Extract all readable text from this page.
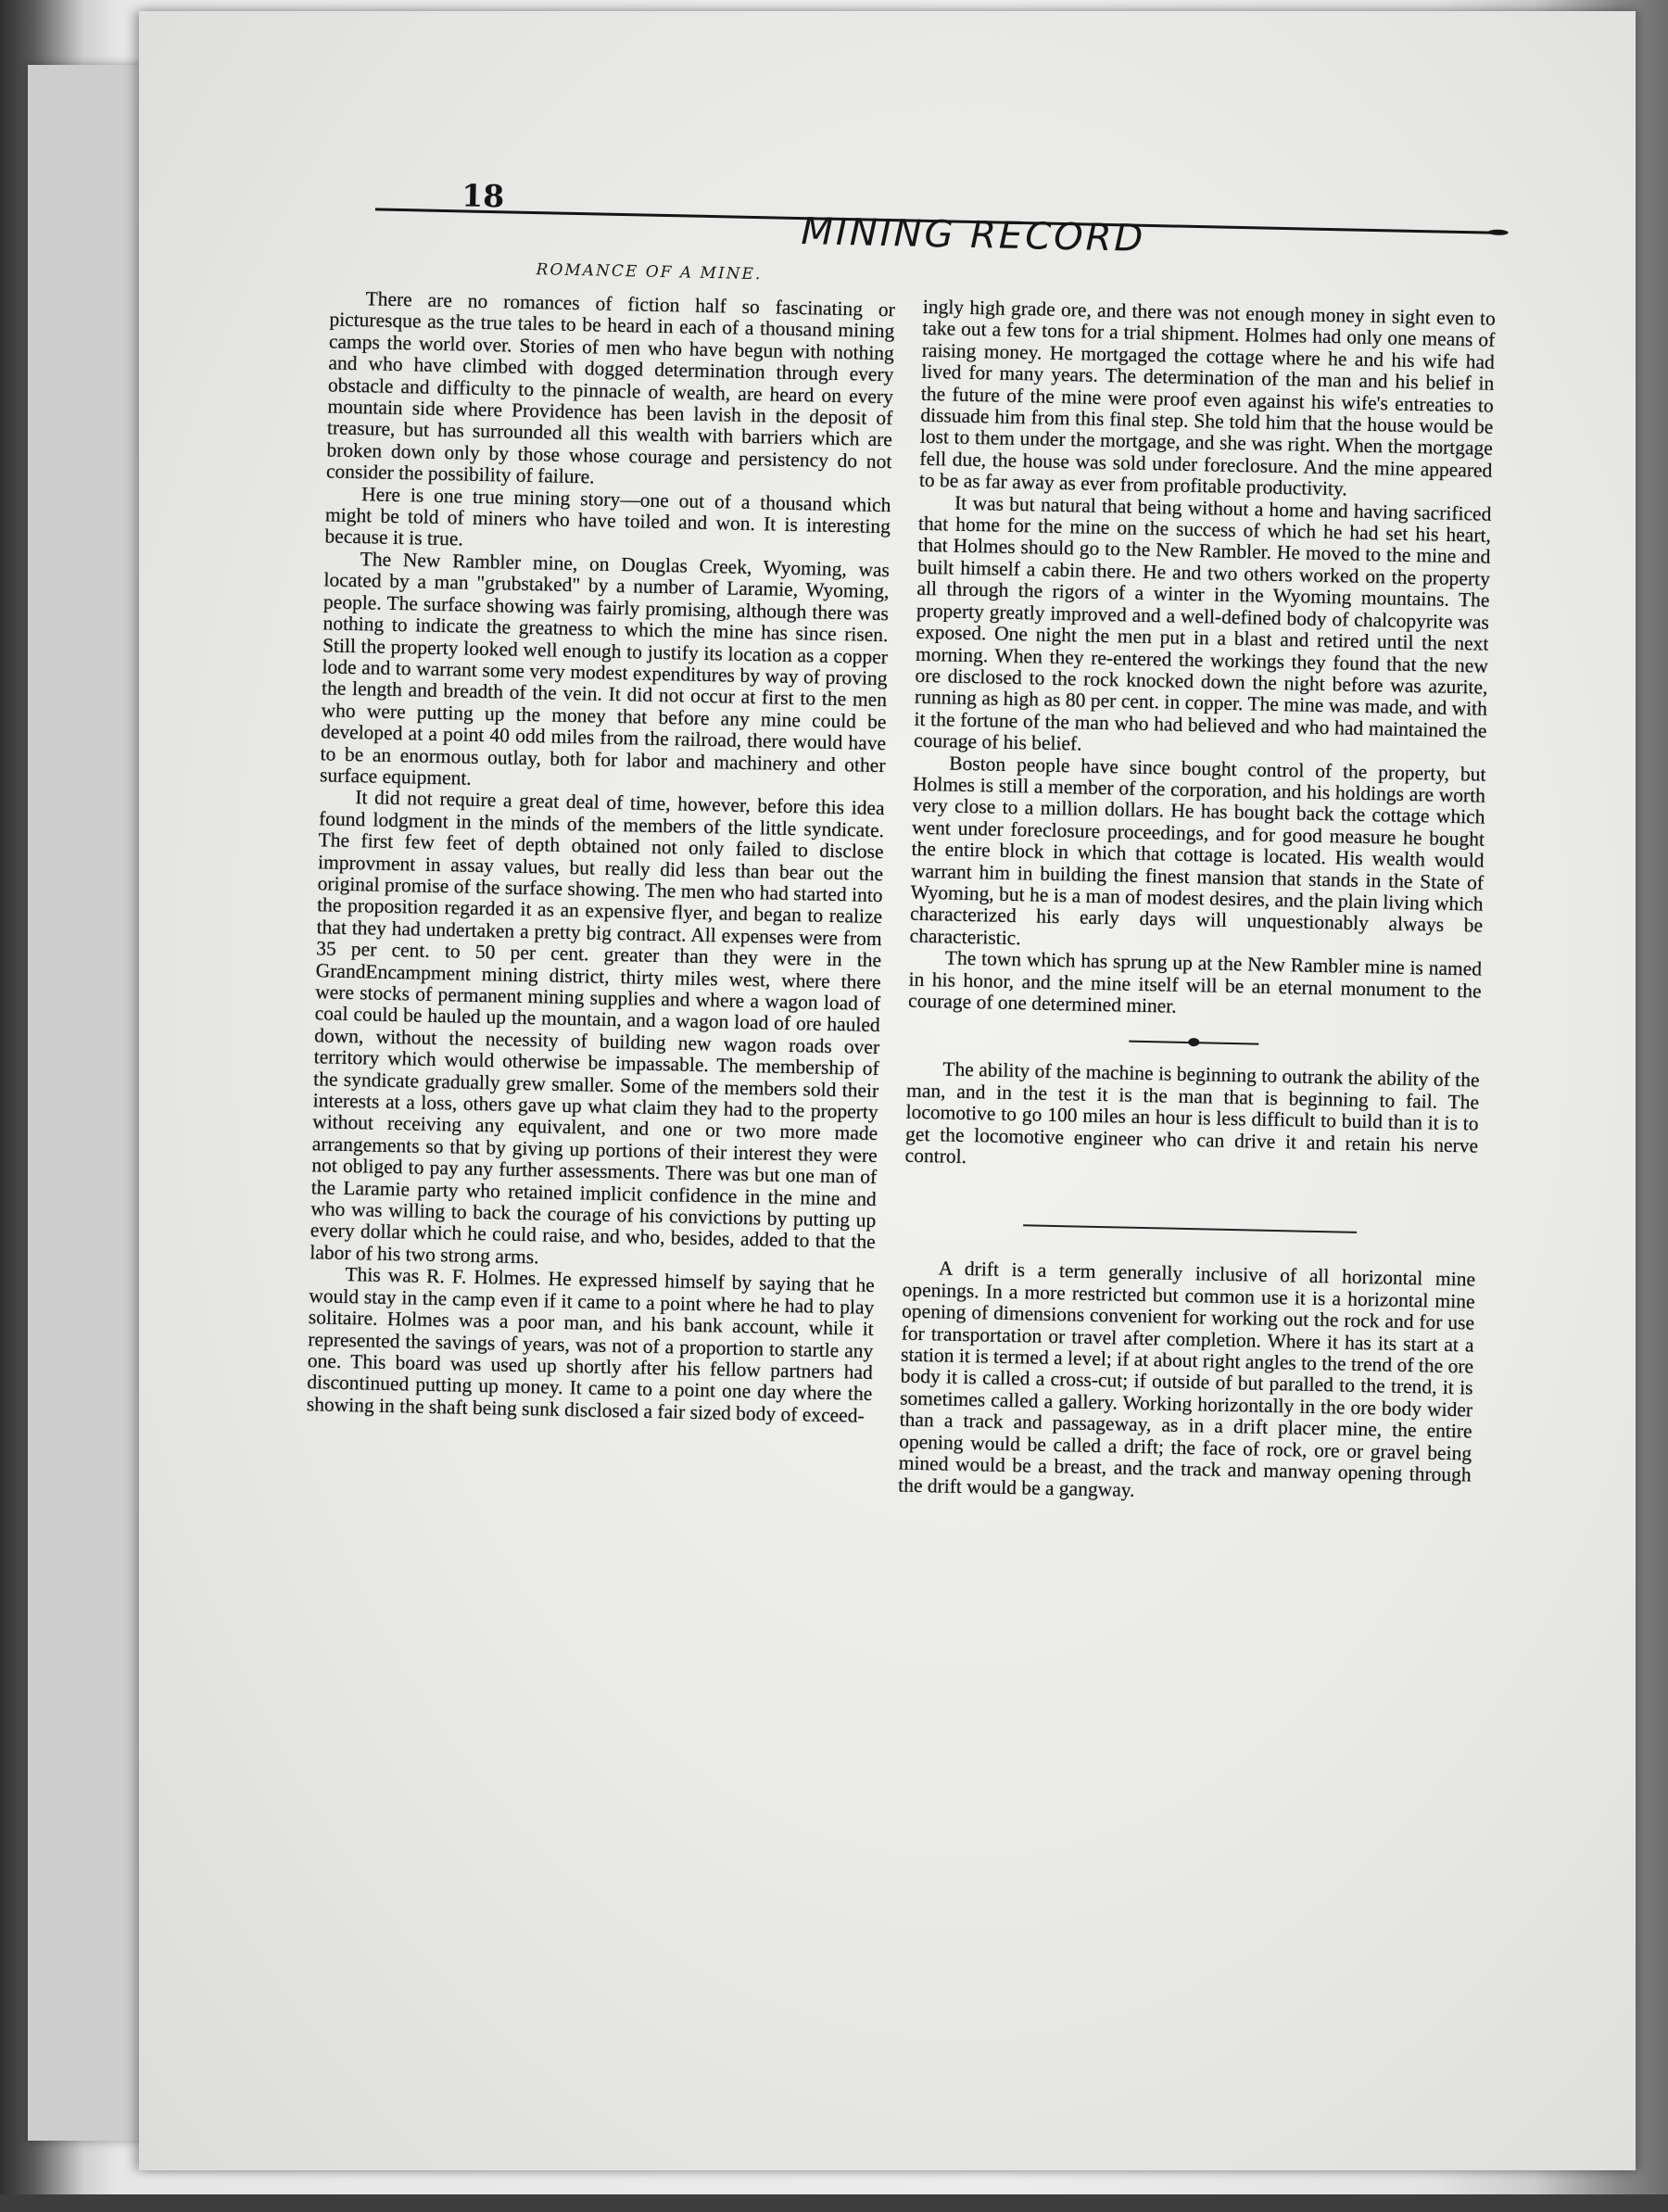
18
MINING RECORD
ROMANCE OF A MINE.

There are no romances of fiction half so fascinating or picturesque as the true tales to be heard in each of a thousand mining camps the world over. Stories of men who have begun with nothing and who have climbed with dogged determination through every obstacle and difficulty to the pinnacle of wealth, are heard on every mountain side where Providence has been lavish in the deposit of treasure, but has surrounded all this wealth with barriers which are broken down only by those whose courage and persistency do not consider the possibility of failure.

Here is one true mining story—one out of a thousand which might be told of miners who have toiled and won. It is interesting because it is true.

The New Rambler mine, on Douglas Creek, Wyoming, was located by a man "grubstaked" by a number of Laramie, Wyoming, people. The surface showing was fairly promising, although there was nothing to indicate the greatness to which the mine has since risen. Still the property looked well enough to justify its location as a copper lode and to warrant some very modest expenditures by way of proving the length and breadth of the vein. It did not occur at first to the men who were putting up the money that before any mine could be developed at a point 40 odd miles from the railroad, there would have to be an enormous outlay, both for labor and machinery and other surface equipment.

It did not require a great deal of time, however, before this idea found lodgment in the minds of the members of the little syndicate. The first few feet of depth obtained not only failed to disclose improvment in assay values, but really did less than bear out the original promise of the surface showing. The men who had started into the proposition regarded it as an expensive flyer, and began to realize that they had undertaken a pretty big contract. All expenses were from 35 per cent. to 50 per cent. greater than they were in the GrandEncampment mining district, thirty miles west, where there were stocks of permanent mining supplies and where a wagon load of coal could be hauled up the mountain, and a wagon load of ore hauled down, without the necessity of building new wagon roads over territory which would otherwise be impassable. The membership of the syndicate gradually grew smaller. Some of the members sold their interests at a loss, others gave up what claim they had to the property without receiving any equivalent, and one or two more made arrangements so that by giving up portions of their interest they were not obliged to pay any further assessments. There was but one man of the Laramie party who retained implicit confidence in the mine and who was willing to back the courage of his convictions by putting up every dollar which he could raise, and who, besides, added to that the labor of his two strong arms.

This was R. F. Holmes. He expressed himself by saying that he would stay in the camp even if it came to a point where he had to play solitaire. Holmes was a poor man, and his bank account, while it represented the savings of years, was not of a proportion to startle any one. This board was used up shortly after his fellow partners had discontinued putting up money. It came to a point one day where the showing in the shaft being sunk disclosed a fair sized body of exceed-

ingly high grade ore, and there was not enough money in sight even to take out a few tons for a trial shipment. Holmes had only one means of raising money. He mortgaged the cottage where he and his wife had lived for many years. The determination of the man and his belief in the future of the mine were proof even against his wife's entreaties to dissuade him from this final step. She told him that the house would be lost to them under the mortgage, and she was right. When the mortgage fell due, the house was sold under foreclosure. And the mine appeared to be as far away as ever from profitable productivity.

It was but natural that being without a home and having sacrificed that home for the mine on the success of which he had set his heart, that Holmes should go to the New Rambler. He moved to the mine and built himself a cabin there. He and two others worked on the property all through the rigors of a winter in the Wyoming mountains. The property greatly improved and a well-defined body of chalcopyrite was exposed. One night the men put in a blast and retired until the next morning. When they re-entered the workings they found that the new ore disclosed to the rock knocked down the night before was azurite, running as high as 80 per cent. in copper. The mine was made, and with it the fortune of the man who had believed and who had maintained the courage of his belief.

Boston people have since bought control of the property, but Holmes is still a member of the corporation, and his holdings are worth very close to a million dollars. He has bought back the cottage which went under foreclosure proceedings, and for good measure he bought the entire block in which that cottage is located. His wealth would warrant him in building the finest mansion that stands in the State of Wyoming, but he is a man of modest desires, and the plain living which characterized his early days will unquestionably always be characteristic.

The town which has sprung up at the New Rambler mine is named in his honor, and the mine itself will be an eternal monument to the courage of one determined miner.

The ability of the machine is beginning to outrank the ability of the man, and in the test it is the man that is beginning to fail. The locomotive to go 100 miles an hour is less difficult to build than it is to get the locomotive engineer who can drive it and retain his nerve control.

A drift is a term generally inclusive of all horizontal mine openings. In a more restricted but common use it is a horizontal mine opening of dimensions convenient for working out the rock and for use for transportation or travel after completion. Where it has its start at a station it is termed a level; if at about right angles to the trend of the ore body it is called a cross-cut; if outside of but paralled to the trend, it is sometimes called a gallery. Working horizontally in the ore body wider than a track and passageway, as in a drift placer mine, the entire opening would be called a drift; the face of rock, ore or gravel being mined would be a breast, and the track and manway opening through the drift would be a gangway.
